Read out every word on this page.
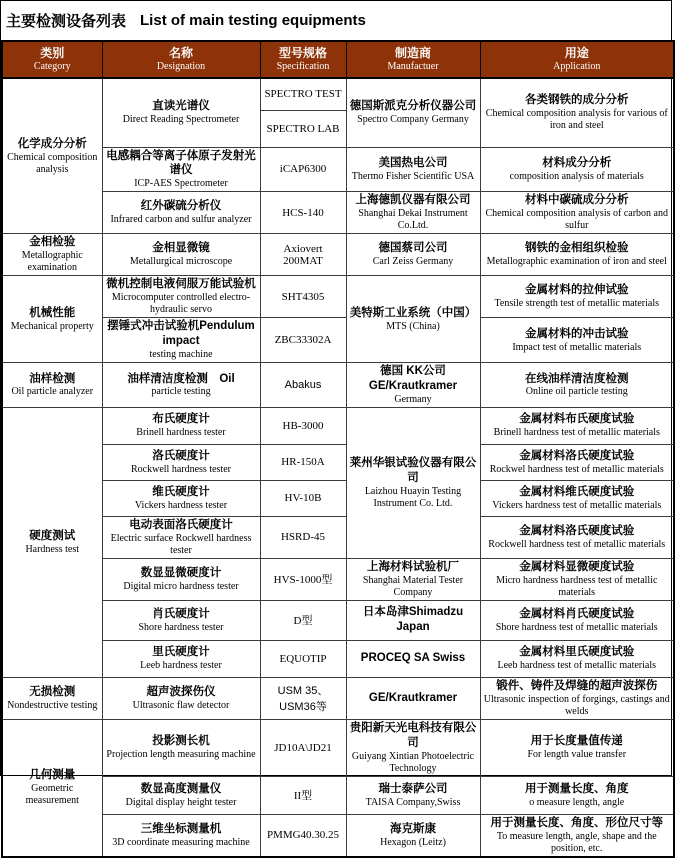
主要检测设备列表 List of main testing equipments
类别
Category	名称
Designation	型号规格
Specification	制造商
Manufactuer	用途
Application

化学成分分析
Chemical composition analysis	直读光谱仪
Direct Reading Spectrometer	SPECTRO TEST	德国斯派克分析仪器公司
Spectro Company Germany	各类钢铁的成分分析
Chemical composition analysis for various of iron and steel

		SPECTRO LAB		

	电感耦合等离子体原子发射光谱仪
ICP-AES Spectrometer	iCAP6300	美国热电公司
Thermo Fisher Scientific USA	材料成分分析
composition analysis of materials

	红外碳硫分析仪
Infrared carbon and sulfur analyzer	HCS-140	上海德凯仪器有限公司
Shanghai Dekai Instrument Co.Ltd.	材料中碳硫成分分析
Chemical composition analysis of carbon and sulfur

金相检验
Metallographic examination	金相显微镜
Metallurgical microscope	Axiovert 200MAT	德国蔡司公司
Carl Zeiss Germany	钢铁的金相组织检验
Metallographic examination of iron and steel

机械性能
Mechanical property	微机控制电液伺服万能试验机
Microcomputer controlled electro-hydraulic servo	SHT4305	美特斯工业系统（中国）
MTS (China)	金属材料的拉伸试验
Tensile strength test of metallic materials

	摆锤式冲击试验机Pendulum impact
testing machine	ZBC33302A		金属材料的冲击试验
Impact test of metallic materials

油样检测
Oil particle analyzer	油样清洁度检测　Oil
particle testing	Abakus	德国 KK公司　GE/Krautkramer
Germany	在线油样清洁度检测
Online oil particle testing

硬度测试
Hardness test	布氏硬度计
Brinell hardness tester	HB-3000	莱州华银试验仪器有限公司
Laizhou Huayin Testing Instrument Co. Ltd.	金属材料布氏硬度试验
Brinell hardness test of metallic materials

	洛氏硬度计
Rockwell hardness tester	HR-150A		金属材料洛氏硬度试验
Rockwel hardness test of metallic materials

	维氏硬度计
Vickers hardness tester	HV-10B		金属材料维氏硬度试验
Vickers hardness test of metallic materials

	电动表面洛氏硬度计
Electric surface Rockwell hardness tester	HSRD-45		金属材料洛氏硬度试验
Rockwell hardness test of metallic materials

	数显显微硬度计
Digital micro hardness tester	HVS-1000型	上海材料试验机厂
Shanghai Material Tester Company	金属材料显微硬度试验
Micro hardness hardness test of metallic materials

	肖氏硬度计
Shore hardness tester	D型	日本岛津Shimadzu Japan	金属材料肖氏硬度试验
Shore hardness test of metallic materials

	里氏硬度计
Leeb hardness tester	EQUOTIP	PROCEQ SA Swiss	金属材料里氏硬度试验
Leeb hardness test of metallic materials

无损检测
Nondestructive testing	超声波探伤仪
Ultrasonic flaw detector	USM 35、USM36等	GE/Krautkramer	锻件、铸件及焊缝的超声波探伤
Ultrasonic inspection of forgings, castings and welds

几何测量
Geometric measurement	投影测长机
Projection length measuring machine	JD10A\JD21	贵阳新天光电科技有限公司
Guiyang Xintian Photoelectric Technology	用于长度量值传递
For length value transfer

	数显高度测量仪
Digital display height tester	II型	瑞士泰萨公司
TAISA Company,Swiss	用于测量长度、角度
o measure length, angle

	三维坐标测量机
3D coordinate measuring machine	PMMG40.30.25	海克斯康
Hexagon (Leitz)	用于测量长度、角度、形位尺寸等
To measure length, angle, shape and the position, etc.
